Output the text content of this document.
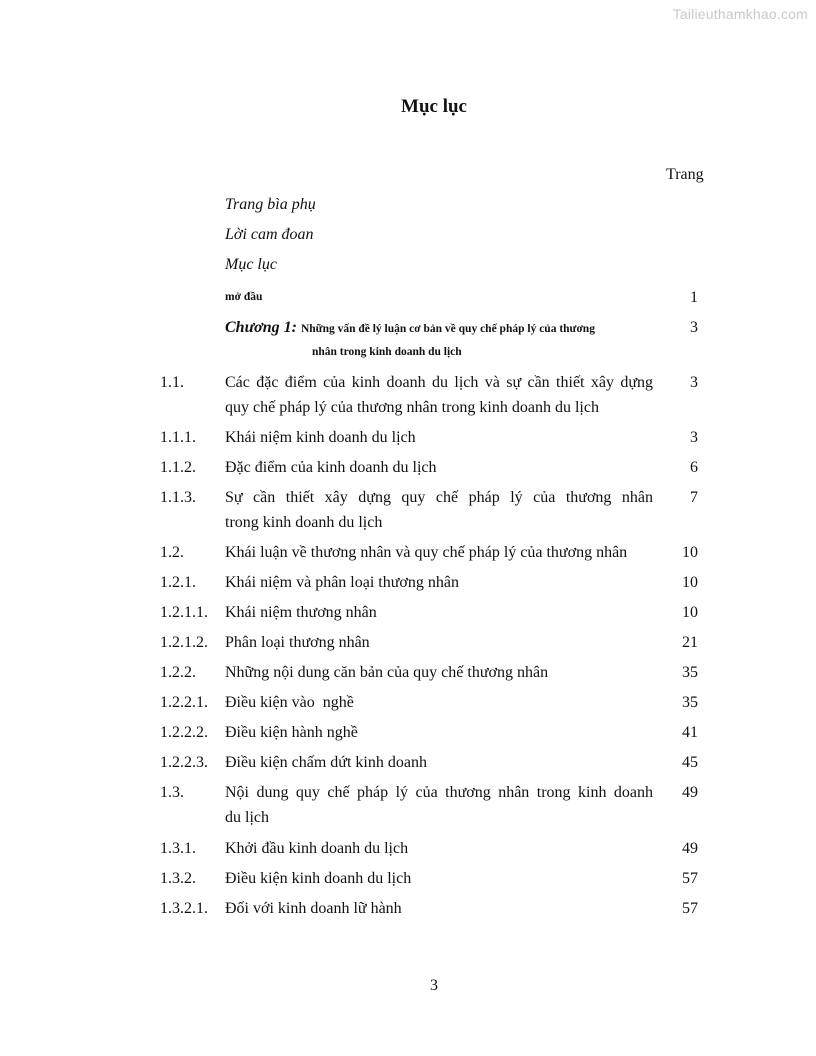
Tailieuthamkhao.com
Mục lục
Trang
Trang bìa phụ
Lời cam đoan
Mục lục
mở đầu	1
Chương 1: Những vấn đề lý luận cơ bản về quy chế pháp lý của thương	3
nhân trong kinh doanh du lịch
1.1.	Các đặc điểm của kinh doanh du lịch và sự cần thiết xây dựng	3
quy chế pháp lý của thương nhân trong kinh doanh du lịch
1.1.1. Khái niệm kinh doanh du lịch	3
1.1.2. Đặc điểm của kinh doanh du lịch	6
1.1.3. Sự cần thiết xây dựng quy chế pháp lý của thương nhân	7
trong kinh doanh du lịch
1.2.	Khái luận về thương nhân và quy chế pháp lý của thương nhân	10
1.2.1. Khái niệm và phân loại thương nhân	10
1.2.1.1. Khái niệm thương nhân	10
1.2.1.2. Phân loại thương nhân	21
1.2.2. Những nội dung căn bản của quy chế thương nhân	35
1.2.2.1. Điều kiện vào  nghề	35
1.2.2.2. Điều kiện hành nghề	41
1.2.2.3. Điều kiện chấm dứt kinh doanh	45
1.3.	Nội dung quy chế pháp lý của thương nhân trong kinh doanh	49
du lịch
1.3.1. Khởi đầu kinh doanh du lịch	49
1.3.2. Điều kiện kinh doanh du lịch	57
1.3.2.1. Đối với kinh doanh lữ hành	57
3
